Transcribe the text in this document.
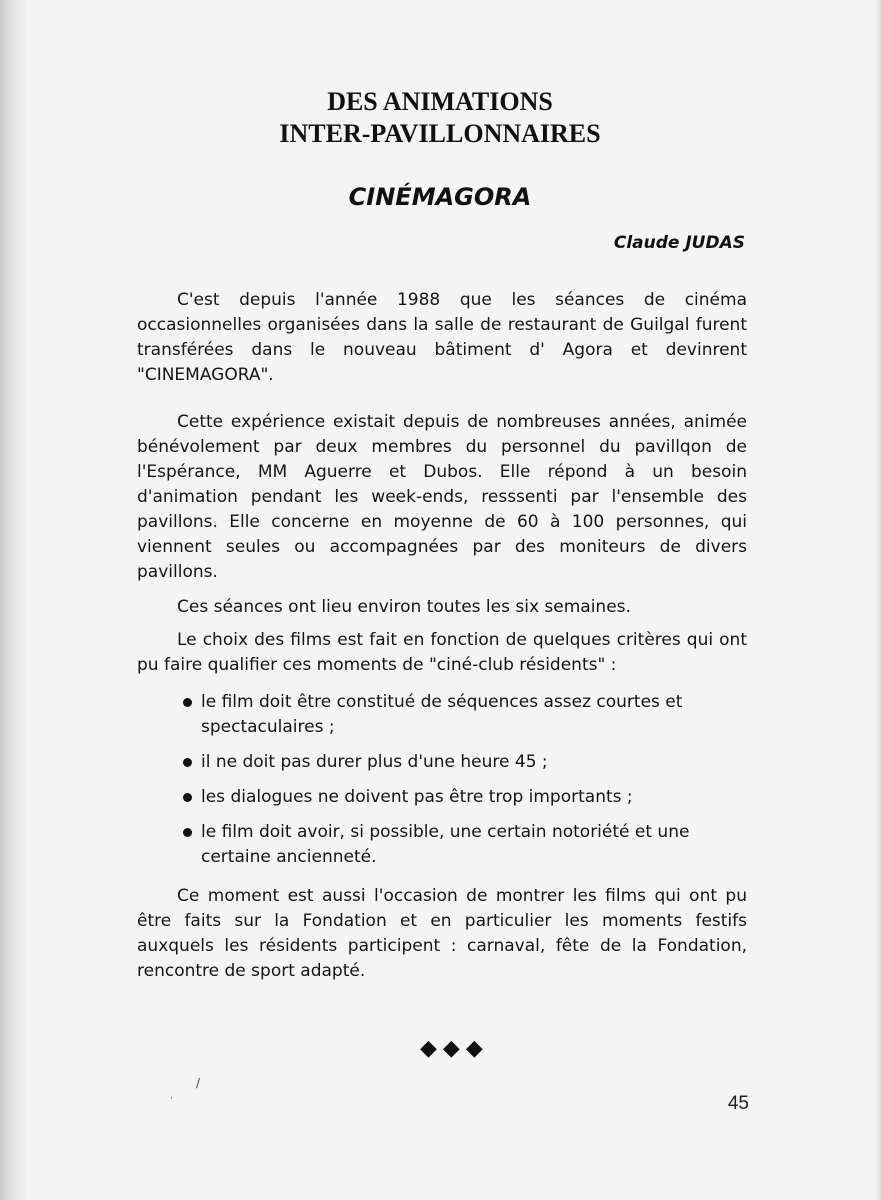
DES ANIMATIONS
INTER-PAVILLONNAIRES
CINÉMAGORA
Claude JUDAS

C'est depuis l'année 1988 que les séances de cinéma occasionnelles organisées dans la salle de restaurant de Guilgal furent transférées dans le nouveau bâtiment d' Agora et devinrent "CINEMAGORA".

Cette expérience existait depuis de nombreuses années, animée bénévolement par deux membres du personnel du pavillqon de l'Espérance, MM Aguerre et Dubos. Elle répond à un besoin d'animation pendant les week-ends, resssenti par l'ensemble des pavillons. Elle concerne en moyenne de 60 à 100 personnes, qui viennent seules ou accompagnées par des moniteurs de divers pavillons.

Ces séances ont lieu environ toutes les six semaines.

Le choix des films est fait en fonction de quelques critères qui ont pu faire qualifier ces moments de "ciné-club résidents" :

le film doit être constitué de séquences assez courtes et spectaculaires ;
il ne doit pas durer plus d'une heure 45 ;
les dialogues ne doivent pas être trop importants ;
le film doit avoir, si possible, une certain notoriété et une certaine ancienneté.

Ce moment est aussi l'occasion de montrer les films qui ont pu être faits sur la Fondation et en particulier les moments festifs auxquels les résidents participent : carnaval, fête de la Fondation, rencontre de sport adapté.

◆◆◆
45
/
·
